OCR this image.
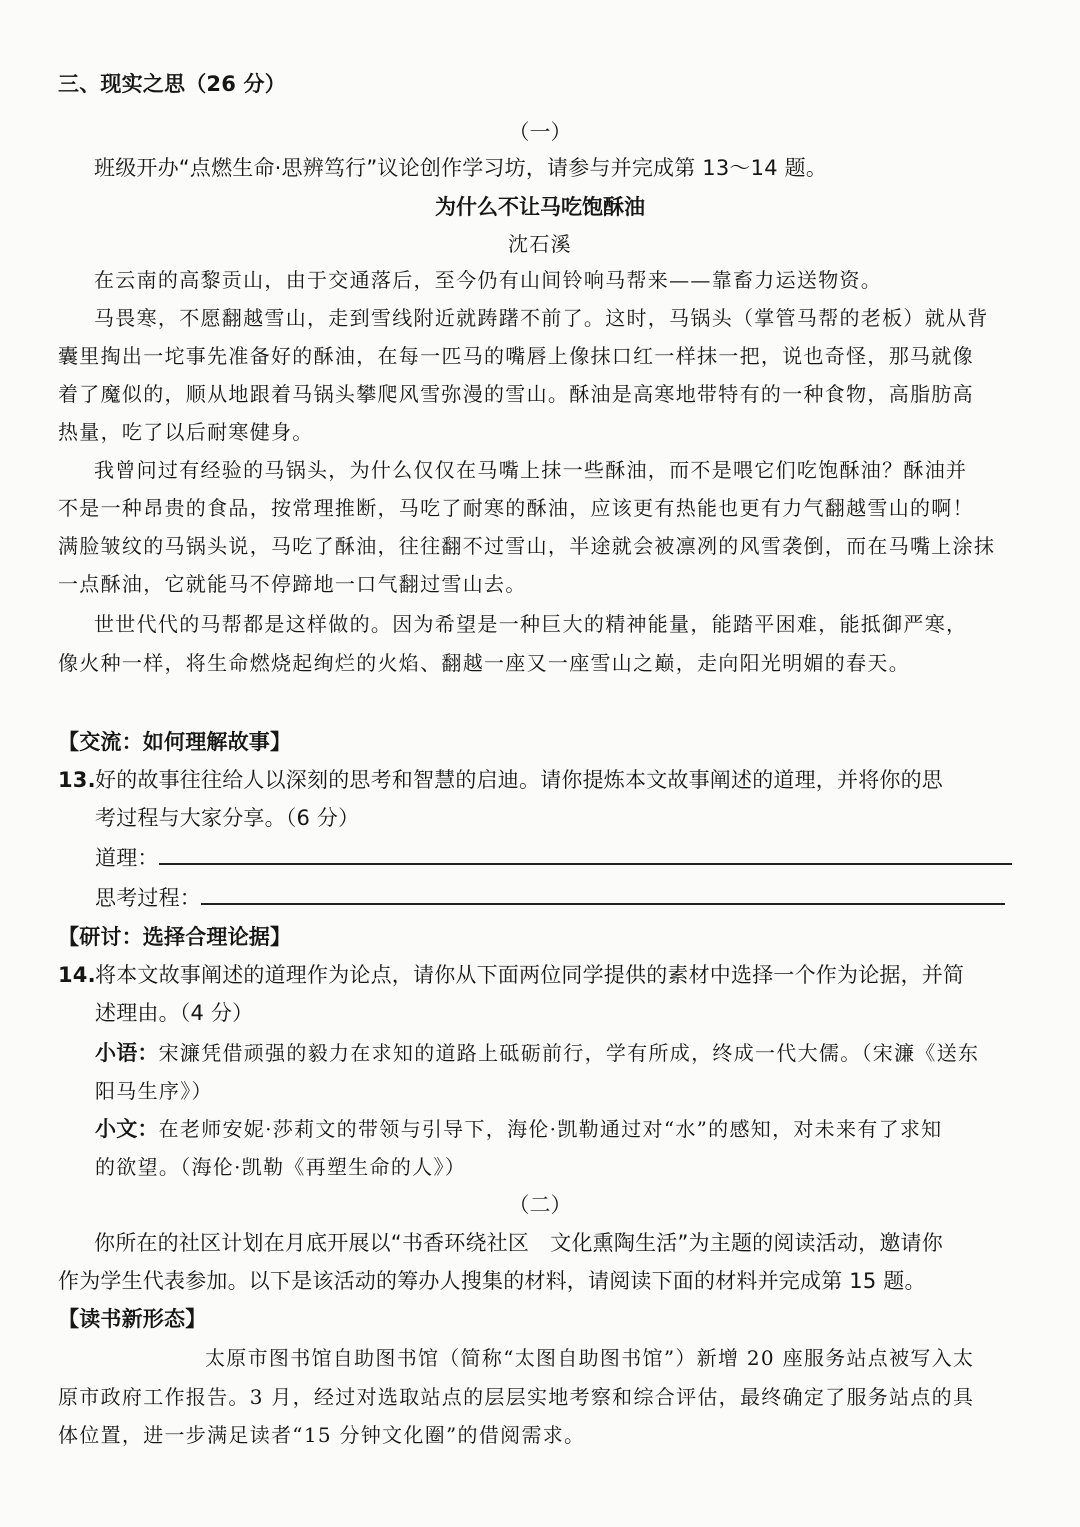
三、现实之思（26 分）
（一）
班级开办“点燃生命·思辨笃行”议论创作学习坊，请参与并完成第 13～14 题。
为什么不让马吃饱酥油
沈石溪
在云南的高黎贡山，由于交通落后，至今仍有山间铃响马帮来——靠畜力运送物资。
马畏寒，不愿翻越雪山，走到雪线附近就踌躇不前了。这时，马锅头（掌管马帮的老板）就从背
囊里掏出一坨事先准备好的酥油，在每一匹马的嘴唇上像抹口红一样抹一把，说也奇怪，那马就像
着了魔似的，顺从地跟着马锅头攀爬风雪弥漫的雪山。酥油是高寒地带特有的一种食物，高脂肪高
热量，吃了以后耐寒健身。
我曾问过有经验的马锅头，为什么仅仅在马嘴上抹一些酥油，而不是喂它们吃饱酥油？酥油并
不是一种昂贵的食品，按常理推断，马吃了耐寒的酥油，应该更有热能也更有力气翻越雪山的啊！
满脸皱纹的马锅头说，马吃了酥油，往往翻不过雪山，半途就会被凛冽的风雪袭倒，而在马嘴上涂抹
一点酥油，它就能马不停蹄地一口气翻过雪山去。
世世代代的马帮都是这样做的。因为希望是一种巨大的精神能量，能踏平困难，能抵御严寒，
像火种一样，将生命燃烧起绚烂的火焰、翻越一座又一座雪山之巅，走向阳光明媚的春天。
【交流：如何理解故事】
13. 好的故事往往给人以深刻的思考和智慧的启迪。请你提炼本文故事阐述的道理，并将你的思
考过程与大家分享。（6 分）
道理：
思考过程：
【研讨：选择合理论据】
14. 将本文故事阐述的道理作为论点，请你从下面两位同学提供的素材中选择一个作为论据，并简
述理由。（4 分）
小语：宋濂凭借顽强的毅力在求知的道路上砥砺前行，学有所成，终成一代大儒。（宋濂《送东
阳马生序》）
小文：在老师安妮·莎莉文的带领与引导下，海伦·凯勒通过对“水”的感知，对未来有了求知
的欲望。（海伦·凯勒《再塑生命的人》）
（二）
你所在的社区计划在月底开展以“书香环绕社区　文化熏陶生活”为主题的阅读活动，邀请你
作为学生代表参加。以下是该活动的筹办人搜集的材料，请阅读下面的材料并完成第 15 题。
【读书新形态】
太原市图书馆自助图书馆（简称“太图自助图书馆”）新增 20 座服务站点被写入太
原市政府工作报告。3 月，经过对选取站点的层层实地考察和综合评估，最终确定了服务站点的具
体位置，进一步满足读者“15 分钟文化圈”的借阅需求。
